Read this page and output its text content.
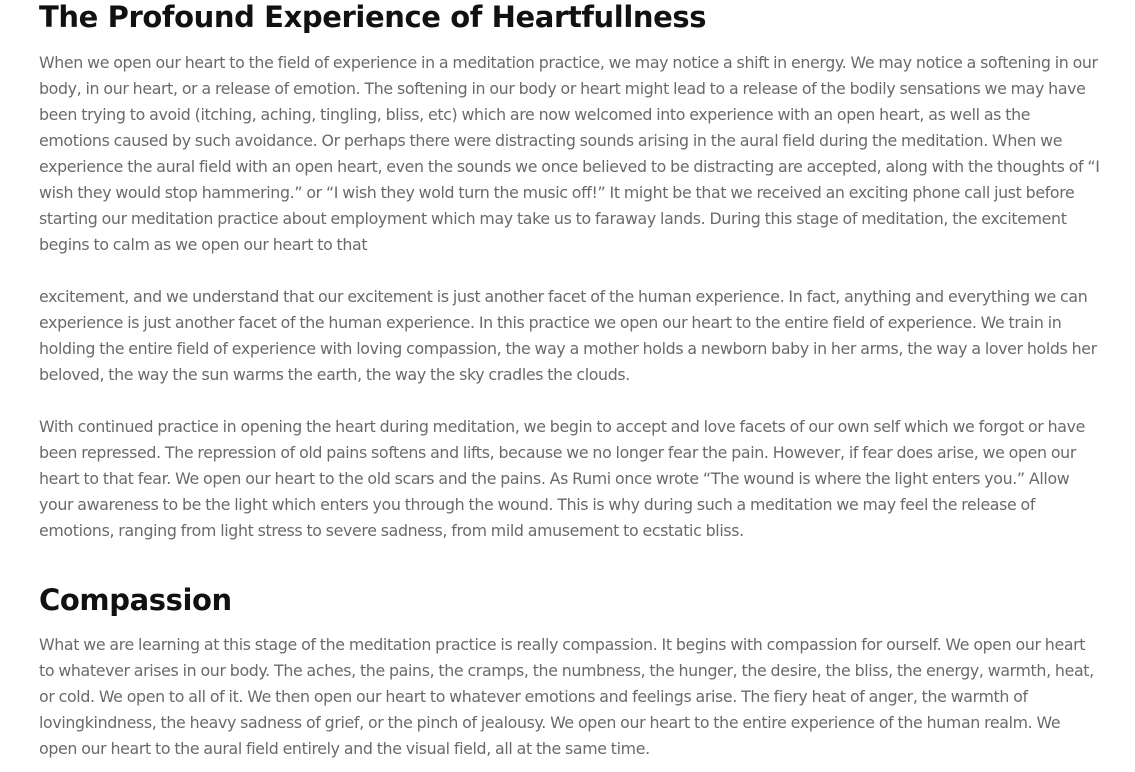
The Profound Experience of Heartfullness

When we open our heart to the field of experience in a meditation practice, we may notice a shift in energy. We may notice a softening in our body, in our heart, or a release of emotion. The softening in our body or heart might lead to a release of the bodily sensations we may have been trying to avoid (itching, aching, tingling, bliss, etc) which are now welcomed into experience with an open heart, as well as the emotions caused by such avoidance. Or perhaps there were distracting sounds arising in the aural field during the meditation. When we experience the aural field with an open heart, even the sounds we once believed to be distracting are accepted, along with the thoughts of “I wish they would stop hammering.” or “I wish they wold turn the music off!” It might be that we received an exciting phone call just before starting our meditation practice about employment which may take us to faraway lands. During this stage of meditation, the excitement begins to calm as we open our heart to that

excitement, and we understand that our excitement is just another facet of the human experience. In fact, anything and everything we can experience is just another facet of the human experience. In this practice we open our heart to the entire field of experience. We train in holding the entire field of experience with loving compassion, the way a mother holds a newborn baby in her arms, the way a lover holds her beloved, the way the sun warms the earth, the way the sky cradles the clouds.

With continued practice in opening the heart during meditation, we begin to accept and love facets of our own self which we forgot or have been repressed. The repression of old pains softens and lifts, because we no longer fear the pain. However, if fear does arise, we open our heart to that fear. We open our heart to the old scars and the pains. As Rumi once wrote “The wound is where the light enters you.” Allow your awareness to be the light which enters you through the wound. This is why during such a meditation we may feel the release of emotions, ranging from light stress to severe sadness, from mild amusement to ecstatic bliss.

Compassion

What we are learning at this stage of the meditation practice is really compassion. It begins with compassion for ourself. We open our heart to whatever arises in our body. The aches, the pains, the cramps, the numbness, the hunger, the desire, the bliss, the energy, warmth, heat, or cold. We open to all of it. We then open our heart to whatever emotions and feelings arise. The fiery heat of anger, the warmth of lovingkindness, the heavy sadness of grief, or the pinch of jealousy. We open our heart to the entire experience of the human realm. We open our heart to the aural field entirely and the visual field, all at the same time.
